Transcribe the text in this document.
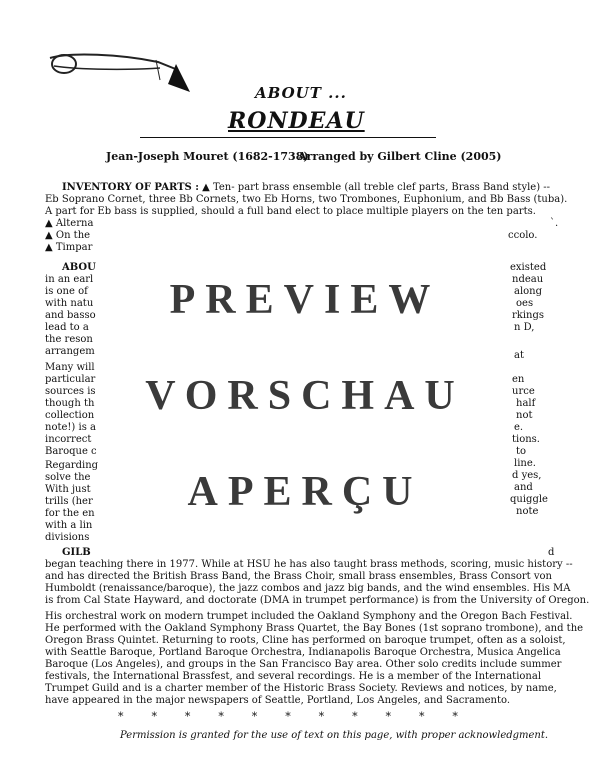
ABOUT ...
RONDEAU
Jean-Joseph Mouret (1682-1738)
Arranged by Gilbert Cline (2005)
INVENTORY OF PARTS : ▲ Ten- part brass ensemble (all treble clef parts, Brass Band style) --
Eb Soprano Cornet, three Bb Cornets, two Eb Horns, two Trombones, Euphonium, and Bb Bass (tuba).
A part for Eb bass is supplied, should a full band elect to place multiple players on the ten parts.
▲ Alterna
▲ On the
▲ Timpar
`.
ccolo.
ABOU
in an earl
is one of
with natu
and basso
lead to a
the reson
arrangem
Many will
particular
sources is
though th
collection
note!) is a
incorrect
Baroque c
Regarding
solve the
With just
trills (her
for the en
with a lin
divisions
existed
ndeau
along
oes
rkings
n D,
at
en
urce
half
not
e.
tions.
to
line.
d yes,
and
quiggle
note
PREVIEW
VORSCHAU
APERÇU
GILB	d
began teaching there in 1977. While at HSU he has also taught brass methods, scoring, music history --
and has directed the British Brass Band, the Brass Choir, small brass ensembles, Brass Consort von
Humboldt (renaissance/baroque), the jazz combos and jazz big bands, and the wind ensembles. His MA
is from Cal State Hayward, and doctorate (DMA in trumpet performance) is from the University of Oregon.
His orchestral work on modern trumpet included the Oakland Symphony and the Oregon Bach Festival.
He performed with the Oakland Symphony Brass Quartet, the Bay Bones (1st soprano trombone), and the
Oregon Brass Quintet. Returning to roots, Cline has performed on baroque trumpet, often as a soloist,
with Seattle Baroque, Portland Baroque Orchestra, Indianapolis Baroque Orchestra, Musica Angelica
Baroque (Los Angeles), and groups in the San Francisco Bay area. Other solo credits include summer
festivals, the International Brassfest, and several recordings. He is a member of the International
Trumpet Guild and is a charter member of the Historic Brass Society. Reviews and notices, by name,
have appeared in the major newspapers of Seattle, Portland, Los Angeles, and Sacramento.
*	*	*	*	*	*	*	*	*	*	*
Permission is granted for the use of text on this page, with proper acknowledgment.
